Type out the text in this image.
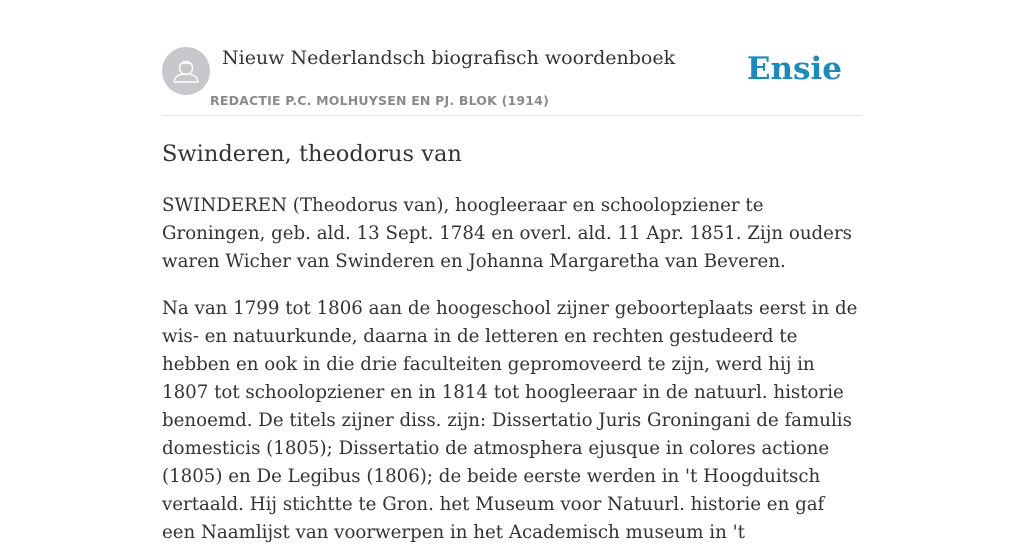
Nieuw Nederlandsch biografisch woordenboek
REDACTIE P.C. MOLHUYSEN EN PJ. BLOK (1914)
Ensie
Swinderen, theodorus van

SWINDEREN (Theodorus van), hoogleeraar en schoolopziener te Groningen, geb. ald. 13 Sept. 1784 en overl. ald. 11 Apr. 1851. Zijn ouders waren Wicher van Swinderen en Johanna Margaretha van Beveren.

Na van 1799 tot 1806 aan de hoogeschool zijner geboorteplaats eerst in de wis- en natuurkunde, daarna in de letteren en rechten gestudeerd te hebben en ook in die drie faculteiten gepromoveerd te zijn, werd hij in 1807 tot schoolopziener en in 1814 tot hoogleeraar in de natuurl. historie benoemd. De titels zijner diss. zijn: Dissertatio Juris Groningani de famulis domesticis (1805); Dissertatio de atmosphera ejusque in colores actione (1805) en De Legibus (1806); de beide eerste werden in 't Hoogduitsch vertaald. Hij stichtte te Gron. het Museum voor Natuurl. historie en gaf een Naamlijst van voorwerpen in het Academisch museum in 't
